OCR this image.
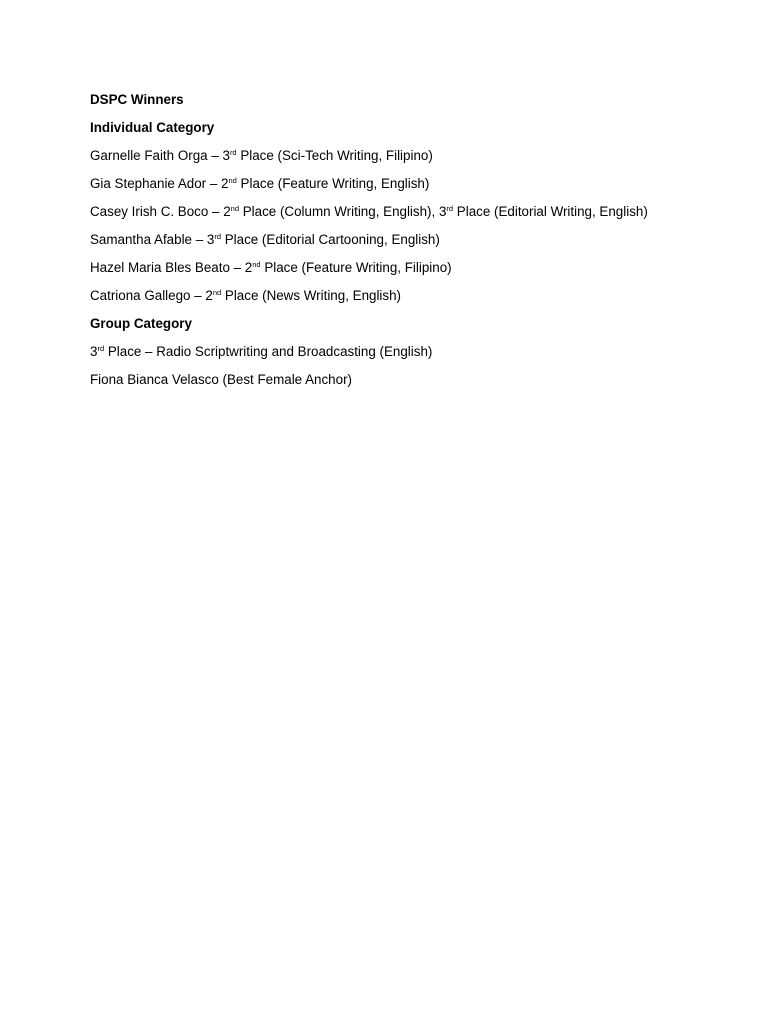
DSPC Winners
Individual Category
Garnelle Faith Orga – 3rd Place (Sci-Tech Writing, Filipino)
Gia Stephanie Ador – 2nd Place (Feature Writing, English)
Casey Irish C. Boco – 2nd Place (Column Writing, English), 3rd Place (Editorial Writing, English)
Samantha Afable – 3rd Place (Editorial Cartooning, English)
Hazel Maria Bles Beato – 2nd Place (Feature Writing, Filipino)
Catriona Gallego – 2nd Place (News Writing, English)
Group Category
3rd Place – Radio Scriptwriting and Broadcasting (English)
Fiona Bianca Velasco (Best Female Anchor)
